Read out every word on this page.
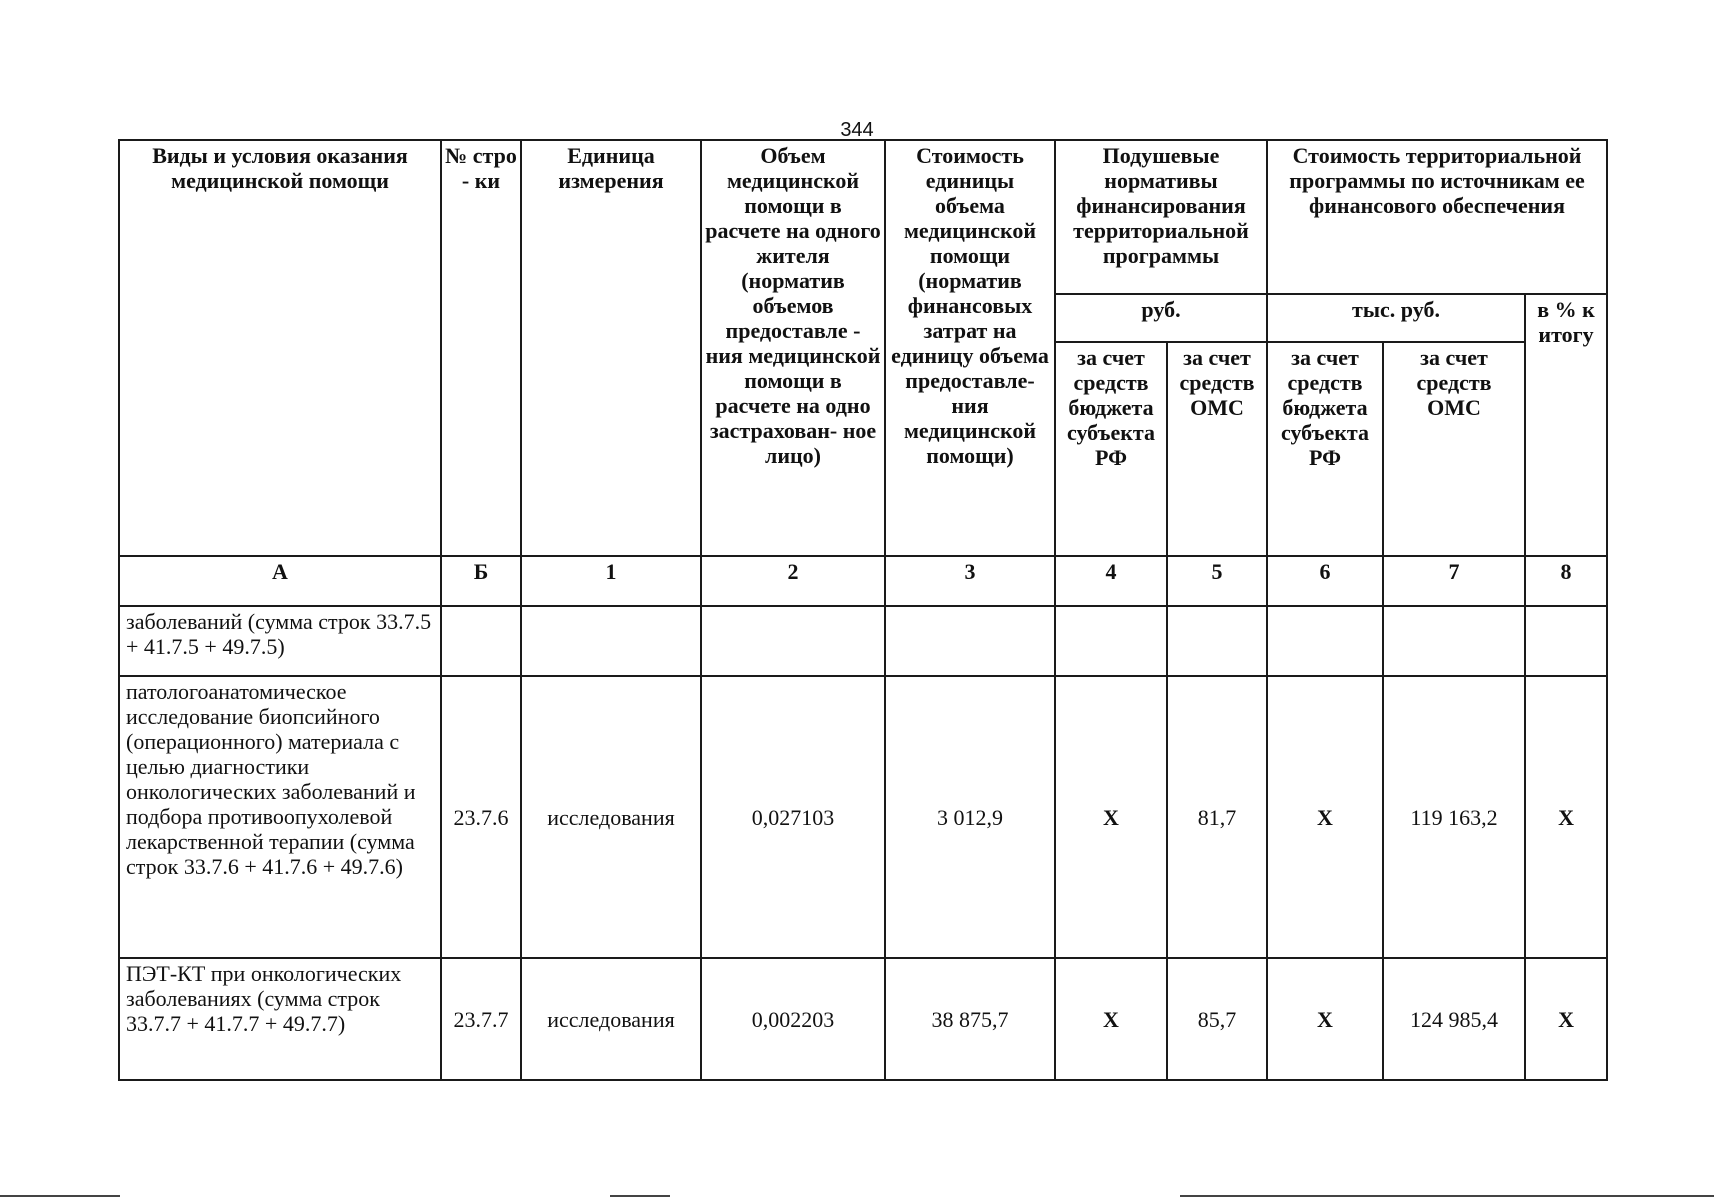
344
Виды и условия оказания медицинской помощи	№ стро - ки	Единица измерения	Объем медицинской помощи в расчете на одного жителя (норматив объемов предоставле - ния медицинской помощи в расчете на одно застрахован- ное лицо)	Стоимость единицы объема медицинской помощи (норматив финансовых затрат на единицу объема предоставле- ния медицинской помощи)	Подушевые нормативы финансирования территориальной программы		Стоимость территориальной программы по источникам ее финансового обеспечения		
					руб.		тыс. руб.		в % к итогу
					за счет средств бюджета субъекта РФ	за счет средств ОМС	за счет средств бюджета субъекта РФ	за счет средств ОМС	
А	Б	1	2	3	4	5	6	7	8
заболеваний (сумма строк 33.7.5 + 41.7.5 + 49.7.5)									
патологоанатомическое исследование биопсийного (операционного) материала с целью диагностики онкологических заболеваний и подбора противоопухолевой лекарственной терапии (сумма строк 33.7.6 + 41.7.6 + 49.7.6)	23.7.6	исследования	0,027103	3 012,9	X	81,7	X	119 163,2	X
ПЭТ-КТ при онкологических заболеваниях (сумма строк 33.7.7 + 41.7.7 + 49.7.7)	23.7.7	исследования	0,002203	38 875,7	X	85,7	X	124 985,4	X
